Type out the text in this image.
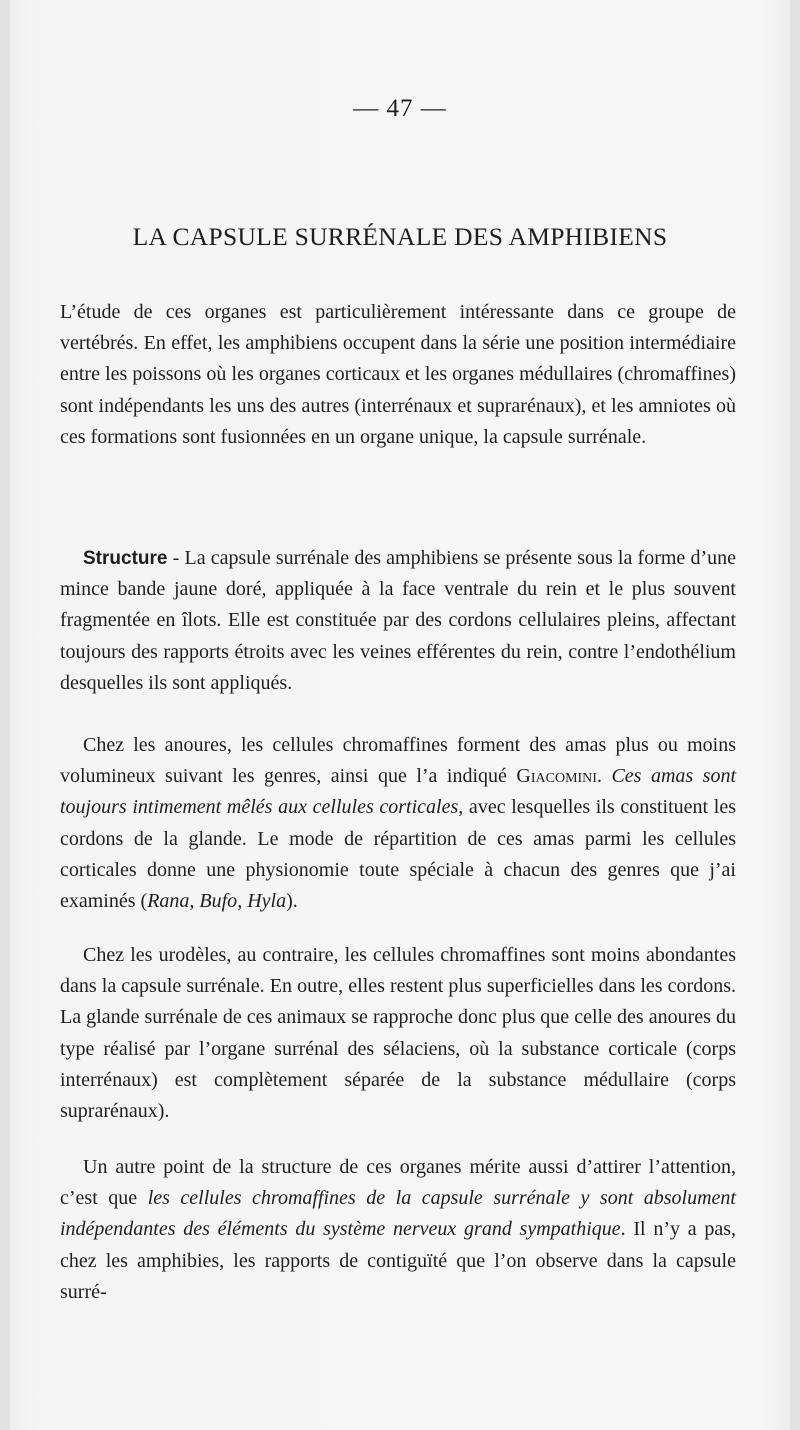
— 47 —
LA CAPSULE SURRÉNALE DES AMPHIBIENS

L’étude de ces organes est particulièrement intéressante dans ce groupe de vertébrés. En effet, les amphibiens occupent dans la série une position intermédiaire entre les poissons où les organes corticaux et les organes médullaires (chromaffines) sont indépendants les uns des autres (interrénaux et suprarénaux), et les amniotes où ces formations sont fusionnées en un organe unique, la capsule surrénale.

Structure - La capsule surrénale des amphibiens se présente sous la forme d’une mince bande jaune doré, appliquée à la face ventrale du rein et le plus souvent fragmentée en îlots. Elle est constituée par des cordons cellulaires pleins, affectant toujours des rapports étroits avec les veines efférentes du rein, contre l’endothélium desquelles ils sont appliqués.

Chez les anoures, les cellules chromaffines forment des amas plus ou moins volumineux suivant les genres, ainsi que l’a indiqué Giacomini. Ces amas sont toujours intimement mêlés aux cellules corticales, avec lesquelles ils constituent les cordons de la glande. Le mode de répartition de ces amas parmi les cellules corticales donne une physionomie toute spéciale à chacun des genres que j’ai examinés (Rana, Bufo, Hyla).

Chez les urodèles, au contraire, les cellules chromaffines sont moins abondantes dans la capsule surrénale. En outre, elles restent plus superficielles dans les cordons. La glande surrénale de ces animaux se rapproche donc plus que celle des anoures du type réalisé par l’organe surrénal des sélaciens, où la substance corticale (corps interrénaux) est complètement séparée de la substance médullaire (corps suprarénaux).

Un autre point de la structure de ces organes mérite aussi d’attirer l’attention, c’est que les cellules chromaffines de la capsule surrénale y sont absolument indépendantes des éléments du système nerveux grand sympathique. Il n’y a pas, chez les amphibies, les rapports de contiguïté que l’on observe dans la capsule surré-
